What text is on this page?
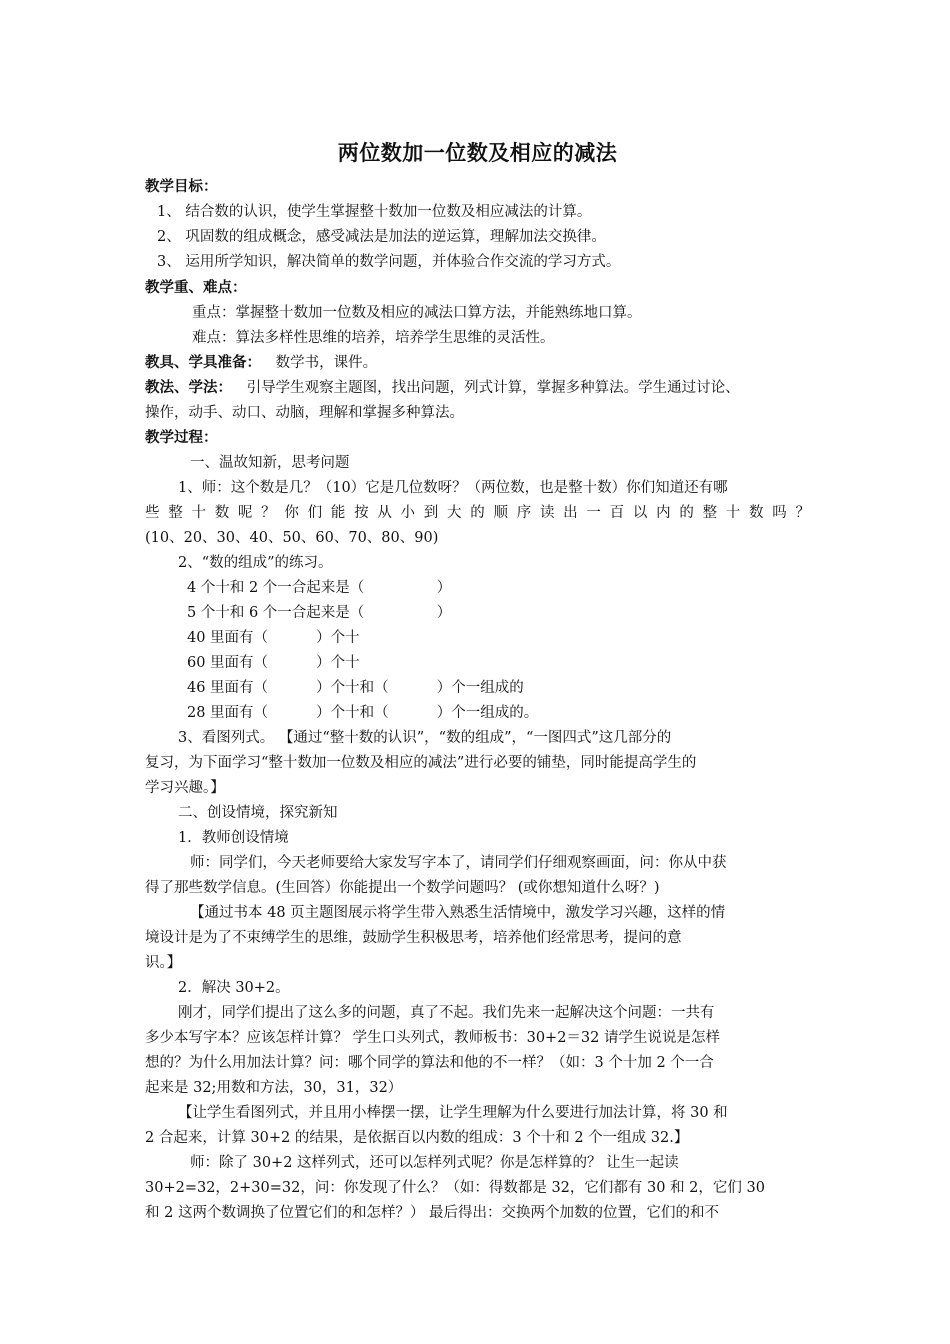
两位数加一位数及相应的减法
教学目标：
1、 结合数的认识，使学生掌握整十数加一位数及相应减法的计算。
2、 巩固数的组成概念，感受减法是加法的逆运算，理解加法交换律。
3、 运用所学知识，解决简单的数学问题，并体验合作交流的学习方式。
教学重、难点：
重点：掌握整十数加一位数及相应的减法口算方法，并能熟练地口算。
难点：算法多样性思维的培养，培养学生思维的灵活性。
教具、学具准备： 数学书，课件。
教法、学法： 引导学生观察主题图，找出问题，列式计算，掌握多种算法。学生通过讨论、
操作，动手、动口、动脑，理解和掌握多种算法。
教学过程：
一、温故知新，思考问题
1、师：这个数是几？（10）它是几位数呀？（两位数，也是整十数）你们知道还有哪
些 整 十 数 呢 ？ 你 们 能 按 从 小 到 大 的 顺 序 读 出 一 百 以 内 的 整 十 数 吗 ？
(10、20、30、40、50、60、70、80、90)
2、“数的组成”的练习。
4 个十和 2 个一合起来是（　　　　　）
5 个十和 6 个一合起来是（　　　　　）
40 里面有（　　　 ）个十
60 里面有（　　　 ）个十
46 里面有（　　　 ）个十和（　　　 ）个一组成的
28 里面有（　　　 ）个十和（　　　 ）个一组成的。
3、看图列式。 【通过“整十数的认识”，“数的组成”，“一图四式”这几部分的
复习，为下面学习“整十数加一位数及相应的减法”进行必要的铺垫，同时能提高学生的
学习兴趣。】
二、创设情境，探究新知
1．教师创设情境
师：同学们，今天老师要给大家发写字本了，请同学们仔细观察画面，问：你从中获
得了那些数学信息。(生回答）你能提出一个数学问题吗？ (或你想知道什么呀？)
【通过书本 48 页主题图展示将学生带入熟悉生活情境中，激发学习兴趣，这样的情
境设计是为了不束缚学生的思维，鼓励学生积极思考，培养他们经常思考，提问的意
识。】
2．解决 30+2。
刚才，同学们提出了这么多的问题，真了不起。我们先来一起解决这个问题：一共有
多少本写字本？应该怎样计算？ 学生口头列式，教师板书：30+2＝32 请学生说说是怎样
想的？为什么用加法计算？问：哪个同学的算法和他的不一样？（如：3 个十加 2 个一合
起来是 32;用数和方法，30，31，32）
【让学生看图列式，并且用小棒摆一摆，让学生理解为什么要进行加法计算，将 30 和
2 合起来，计算 30+2 的结果，是依据百以内数的组成：3 个十和 2 个一组成 32.】
师：除了 30+2 这样列式，还可以怎样列式呢？你是怎样算的？ 让生一起读
30+2=32，2+30=32，问：你发现了什么？（如：得数都是 32，它们都有 30 和 2，它们 30
和 2 这两个数调换了位置它们的和怎样？） 最后得出：交换两个加数的位置，它们的和不
